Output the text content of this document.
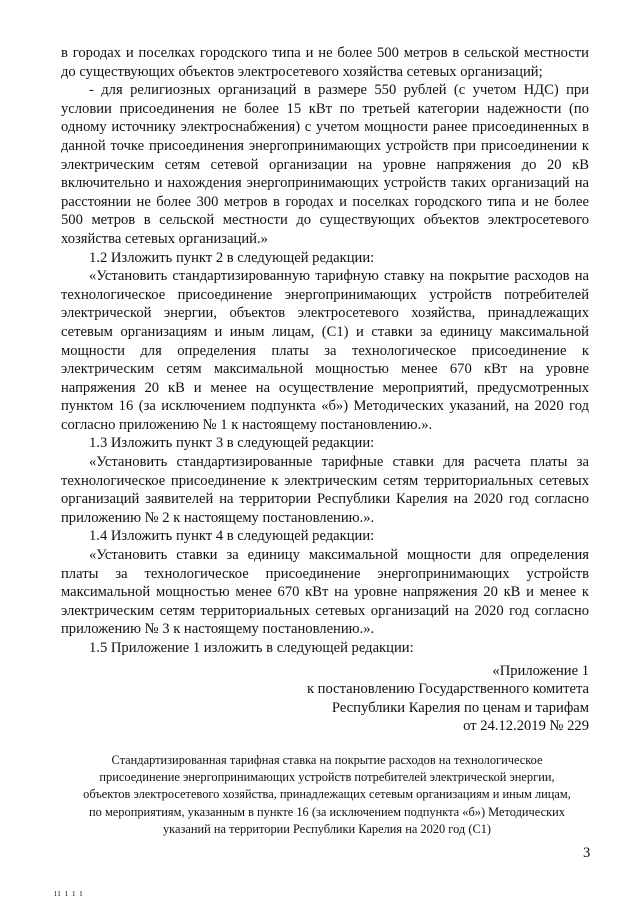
в городах и поселках городского типа и не более 500 метров в сельской местности до существующих объектов электросетевого хозяйства сетевых организаций;

- для религиозных организаций в размере 550 рублей (с учетом НДС) при условии присоединения не более 15 кВт по третьей категории надежности (по одному источнику электроснабжения) с учетом мощности ранее присоединенных в данной точке присоединения энергопринимающих устройств при присоединении к электрическим сетям сетевой организации на уровне напряжения до 20 кВ включительно и нахождения энергопринимающих устройств таких организаций на расстоянии не более 300 метров в городах и поселках городского типа и не более 500 метров в сельской местности до существующих объектов электросетевого хозяйства сетевых организаций.»

1.2 Изложить пункт 2 в следующей редакции:

«Установить стандартизированную тарифную ставку на покрытие расходов на технологическое присоединение энергопринимающих устройств потребителей электрической энергии, объектов электросетевого хозяйства, принадлежащих сетевым организациям и иным лицам, (С1) и ставки за единицу максимальной мощности для определения платы за технологическое присоединение к электрическим сетям максимальной мощностью менее 670 кВт на уровне напряжения 20 кВ и менее на осуществление мероприятий, предусмотренных пунктом 16 (за исключением подпункта «б») Методических указаний, на 2020 год согласно приложению № 1 к настоящему постановлению.».

1.3 Изложить пункт 3 в следующей редакции:

«Установить стандартизированные тарифные ставки для расчета платы за технологическое присоединение к электрическим сетям территориальных сетевых организаций заявителей на территории Республики Карелия на 2020 год согласно приложению № 2 к настоящему постановлению.».

1.4 Изложить пункт 4 в следующей редакции:

«Установить ставки за единицу максимальной мощности для определения платы за технологическое присоединение энергопринимающих устройств максимальной мощностью менее 670 кВт на уровне напряжения 20 кВ и менее к электрическим сетям территориальных сетевых организаций на 2020 год согласно приложению № 3 к настоящему постановлению.».

1.5 Приложение 1 изложить в следующей редакции:

«Приложение 1

к постановлению Государственного комитета

Республики Карелия по ценам и тарифам

от 24.12.2019 № 229

Стандартизированная тарифная ставка на покрытие расходов на технологическое присоединение энергопринимающих устройств потребителей электрической энергии, объектов электросетевого хозяйства, принадлежащих сетевым организациям и иным лицам, по мероприятиям, указанным в пункте 16 (за исключением подпункта «б») Методических указаний на территории Республики Карелия на 2020 год (С1)

3
ıı ı ı ı
